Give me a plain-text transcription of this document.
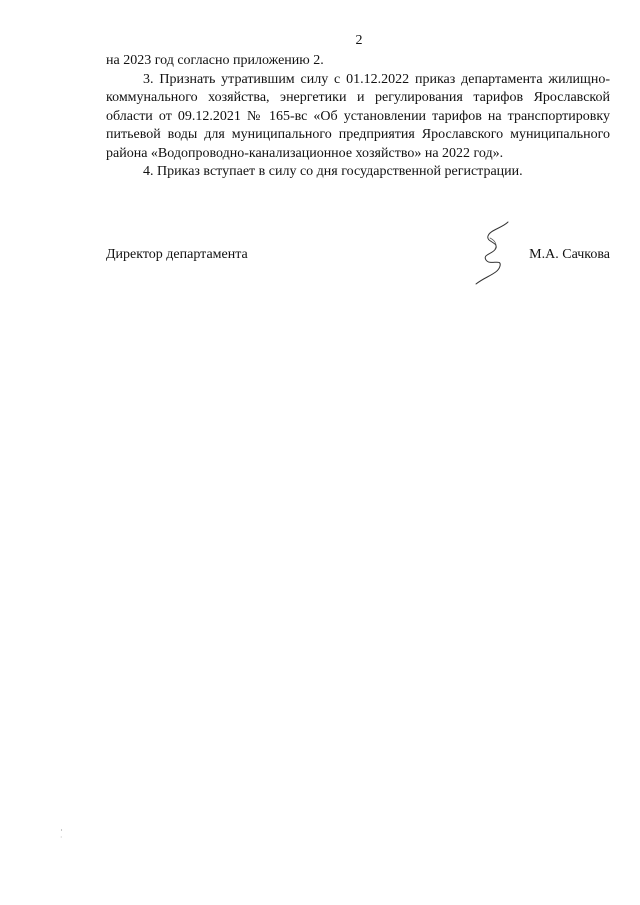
2

на 2023 год согласно приложению 2.

3. Признать утратившим силу с 01.12.2022 приказ департамента жилищно-коммунального хозяйства, энергетики и регулирования тарифов Ярославской области от 09.12.2021 № 165-вс «Об установлении тарифов на транспортировку питьевой воды для муниципального предприятия Ярославского муниципального района «Водопроводно-канализационное хозяйство» на 2022 год».

4. Приказ вступает в силу со дня государственной регистрации.

Директор департамента	М.А. Сачкова
